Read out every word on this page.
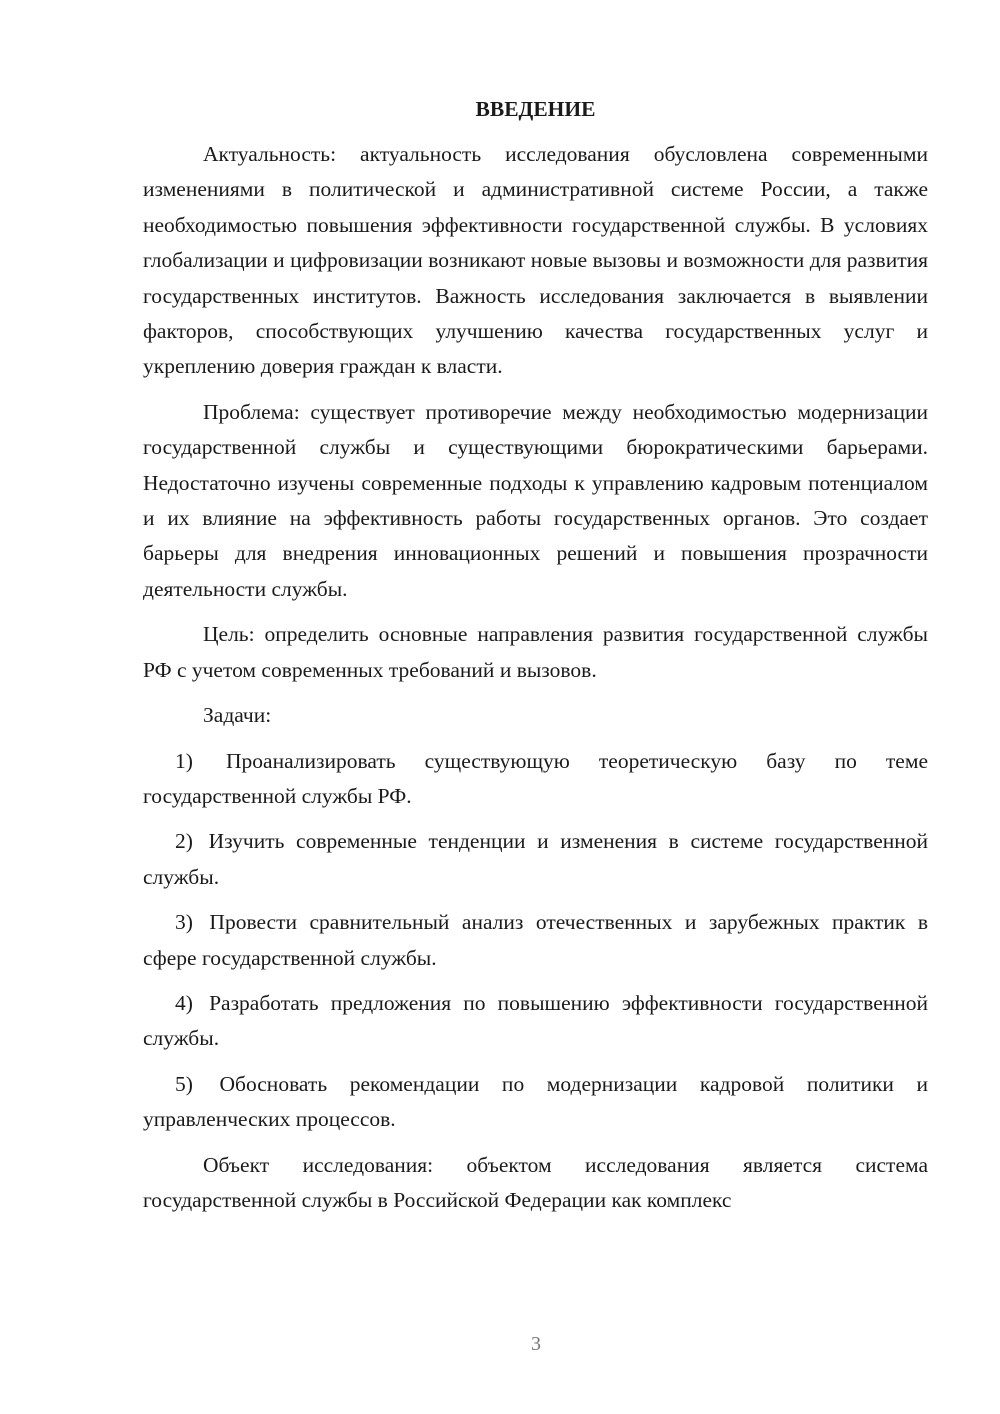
ВВЕДЕНИЕ

Актуальность: актуальность исследования обусловлена современными изменениями в политической и административной системе России, а также необходимостью повышения эффективности государственной службы. В условиях глобализации и цифровизации возникают новые вызовы и возможности для развития государственных институтов. Важность исследования заключается в выявлении факторов, способствующих улучшению качества государственных услуг и укреплению доверия граждан к власти.

Проблема: существует противоречие между необходимостью модернизации государственной службы и существующими бюрократическими барьерами. Недостаточно изучены современные подходы к управлению кадровым потенциалом и их влияние на эффективность работы государственных органов. Это создает барьеры для внедрения инновационных решений и повышения прозрачности деятельности службы.

Цель: определить основные направления развития государственной службы РФ с учетом современных требований и вызовов.

Задачи:

1) Проанализировать существующую теоретическую базу по теме государственной службы РФ.

2) Изучить современные тенденции и изменения в системе государственной службы.

3) Провести сравнительный анализ отечественных и зарубежных практик в сфере государственной службы.

4) Разработать предложения по повышению эффективности государственной службы.

5) Обосновать рекомендации по модернизации кадровой политики и управленческих процессов.

Объект исследования: объектом исследования является система государственной службы в Российской Федерации как комплекс

3
